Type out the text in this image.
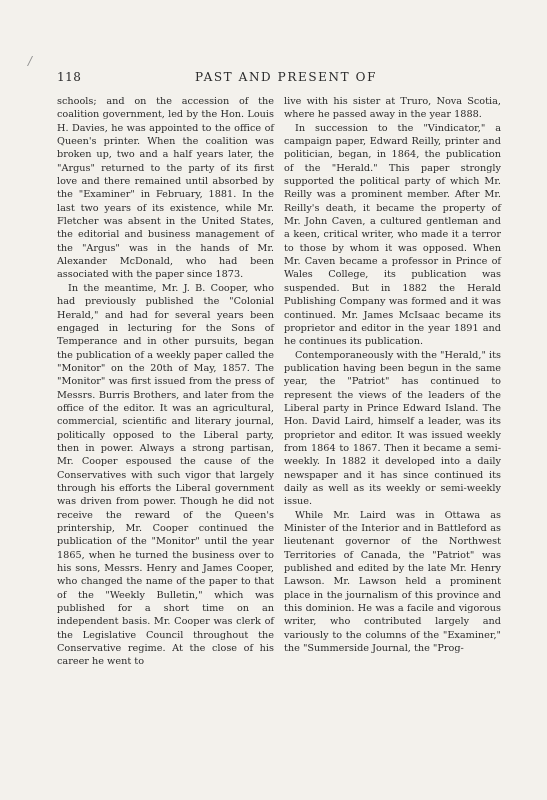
/
118	PAST AND PRESENT OF

schools; and on the accession of the coalition government, led by the Hon. Louis H. Davies, he was appointed to the office of Queen's printer. When the coalition was broken up, two and a half years later, the "Argus" returned to the party of its first love and there remained until absorbed by the "Examiner" in February, 1881. In the last two years of its existence, while Mr. Fletcher was absent in the United States, the editorial and business management of the "Argus" was in the hands of Mr. Alexander McDonald, who had been associated with the paper since 1873.

In the meantime, Mr. J. B. Cooper, who had previously published the "Colonial Herald," and had for several years been engaged in lecturing for the Sons of Temperance and in other pursuits, began the publication of a weekly paper called the "Monitor" on the 20th of May, 1857. The "Monitor" was first issued from the press of Messrs. Burris Brothers, and later from the office of the editor. It was an agricultural, commercial, scientific and literary journal, politically opposed to the Liberal party, then in power. Always a strong partisan, Mr. Cooper espoused the cause of the Conservatives with such vigor that largely through his efforts the Liberal government was driven from power. Though he did not receive the reward of the Queen's printership, Mr. Cooper continued the publication of the "Monitor" until the year 1865, when he turned the business over to his sons, Messrs. Henry and James Cooper, who changed the name of the paper to that of the "Weekly Bulletin," which was published for a short time on an independent basis. Mr. Cooper was clerk of the Legislative Council throughout the Conservative regime. At the close of his career he went to

live with his sister at Truro, Nova Scotia, where he passed away in the year 1888.

In succession to the "Vindicator," a campaign paper, Edward Reilly, printer and politician, began, in 1864, the publication of the "Herald." This paper strongly supported the political party of which Mr. Reilly was a prominent member. After Mr. Reilly's death, it became the property of Mr. John Caven, a cultured gentleman and a keen, critical writer, who made it a terror to those by whom it was opposed. When Mr. Caven became a professor in Prince of Wales College, its publication was suspended. But in 1882 the Herald Publishing Company was formed and it was continued. Mr. James McIsaac became its proprietor and editor in the year 1891 and he continues its publication.

Contemporaneously with the "Herald," its publication having been begun in the same year, the "Patriot" has continued to represent the views of the leaders of the Liberal party in Prince Edward Island. The Hon. David Laird, himself a leader, was its proprietor and editor. It was issued weekly from 1864 to 1867. Then it became a semi-weekly. In 1882 it developed into a daily newspaper and it has since continued its daily as well as its weekly or semi-weekly issue.

While Mr. Laird was in Ottawa as Minister of the Interior and in Battleford as lieutenant governor of the Northwest Territories of Canada, the "Patriot" was published and edited by the late Mr. Henry Lawson. Mr. Lawson held a prominent place in the journalism of this province and this dominion. He was a facile and vigorous writer, who contributed largely and variously to the columns of the "Examiner," the "Summerside Journal, the "Prog-
